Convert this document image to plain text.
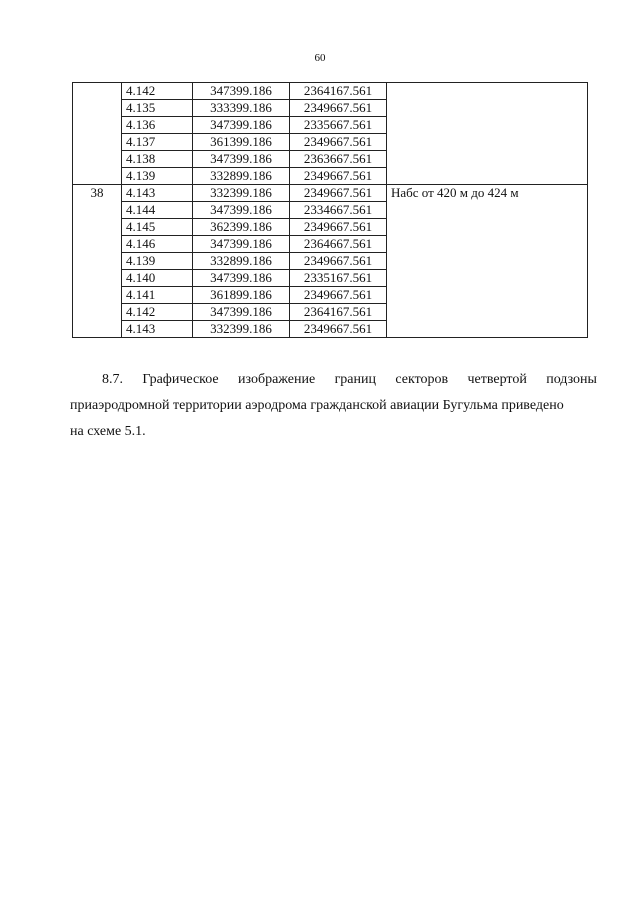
60
	4.142	347399.186	2364167.561	
	4.135	333399.186	2349667.561	
	4.136	347399.186	2335667.561	
	4.137	361399.186	2349667.561	
	4.138	347399.186	2363667.561	
	4.139	332899.186	2349667.561	
38	4.143	332399.186	2349667.561	Набс от 420 м до 424 м
	4.144	347399.186	2334667.561	
	4.145	362399.186	2349667.561	
	4.146	347399.186	2364667.561	
	4.139	332899.186	2349667.561	
	4.140	347399.186	2335167.561	
	4.141	361899.186	2349667.561	
	4.142	347399.186	2364167.561	
	4.143	332399.186	2349667.561	
8.7. Графическое изображение границ секторов четвертой подзоны
приаэродромной территории аэродрома гражданской авиации Бугульма приведено
на схеме 5.1.
